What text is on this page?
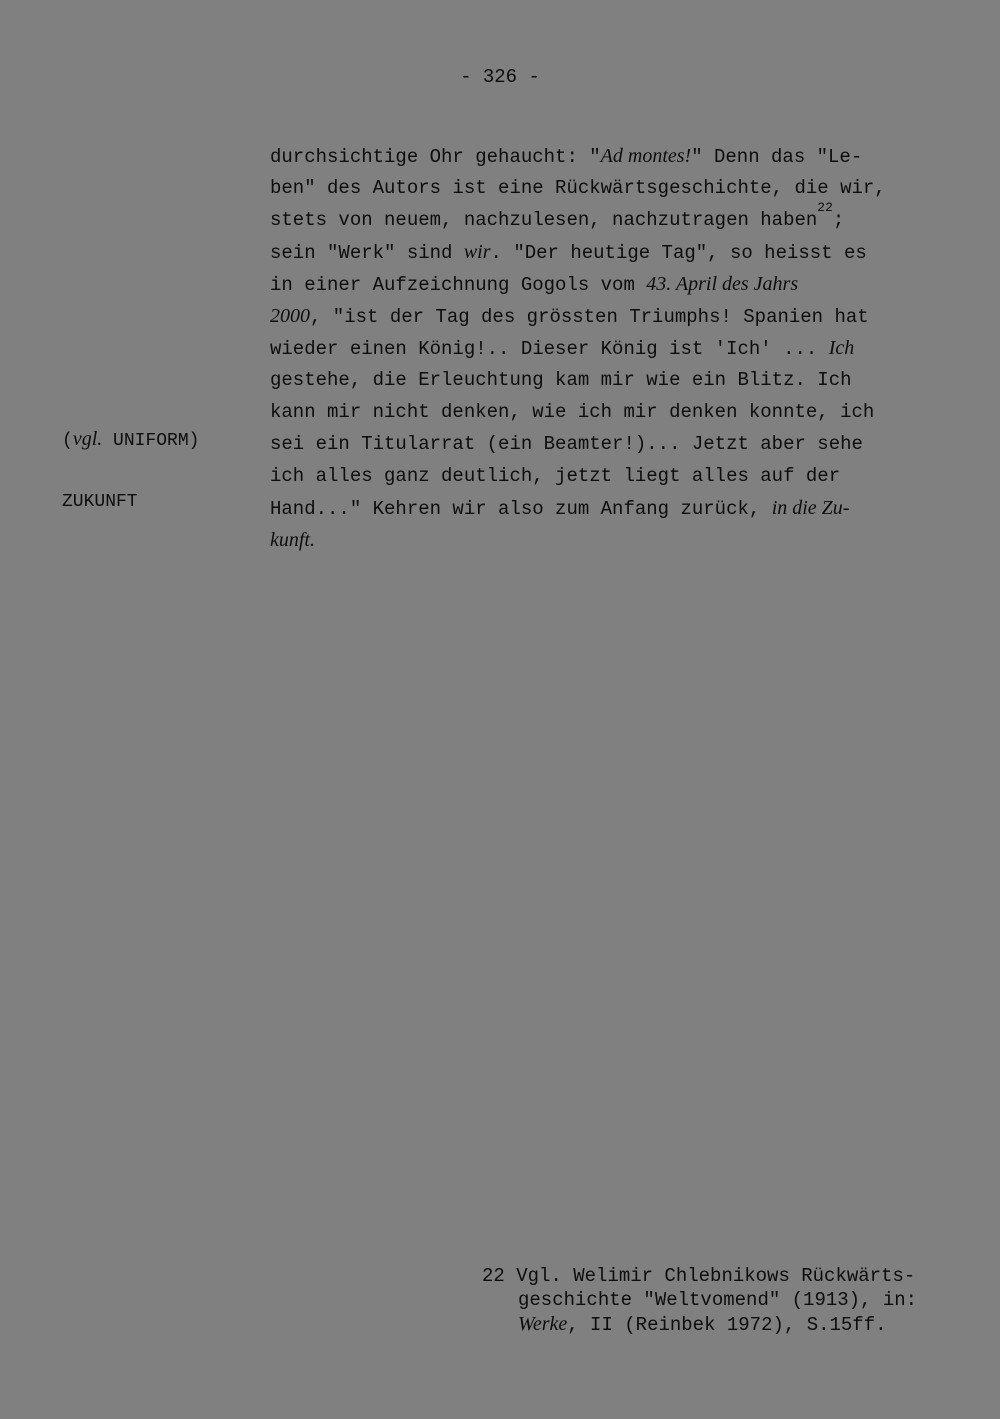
- 326 -
durchsichtige Ohr gehaucht: "Ad montes!" Denn das "Le-
ben" des Autors ist eine Rückwärtsgeschichte, die wir,
stets von neuem, nachzulesen, nachzutragen haben$^{22}$;
sein "Werk" sind wir. "Der heutige Tag", so heisst es
in einer Aufzeichnung Gogols vom 43. April des Jahrs
2000, "ist der Tag des grössten Triumphs! Spanien hat
wieder einen König!.. Dieser König ist 'Ich' ... Ich
gestehe, die Erleuchtung kam mir wie ein Blitz. Ich
kann mir nicht denken, wie ich mir denken konnte, ich
sei ein Titularrat (ein Beamter!)... Jetzt aber sehe
ich alles ganz deutlich, jetzt liegt alles auf der
Hand..." Kehren wir also zum Anfang zurück, in die Zu-
kunft.
(vgl. UNIFORM)
ZUKUNFT
22 Vgl. Welimir Chlebnikows Rückwärts-
geschichte "Weltvomend" (1913), in:
Werke, II (Reinbek 1972), S.15ff.
